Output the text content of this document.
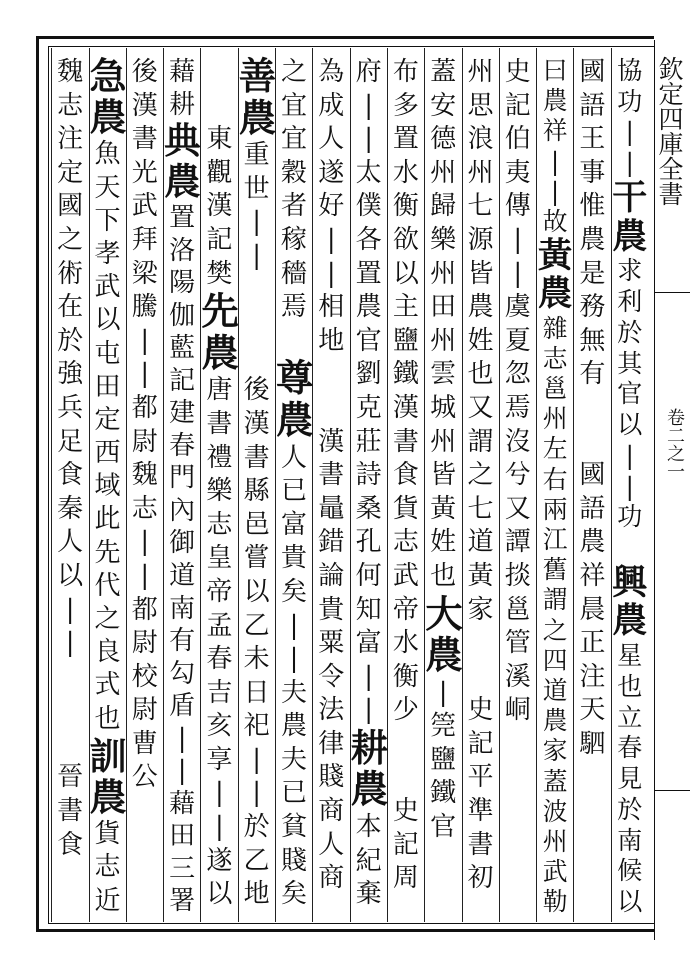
欽定四庫全書
卷二之一
協
功
|
|
干
農
求
利
於
其
官
以
|
|
功
興
農
星
也
立
春
見
於
南
候
以
國
語
王
事
惟
農
是
務
無
有
國
語
農
祥
晨
正
注
天
駟
曰
農
祥
|
|
故
黃
農
雜
志
邕
州
左
右
兩
江
舊
謂
之
四
道
農
家
蓋
波
州
武
勒
史
記
伯
夷
傳
|
|
虞
夏
忽
焉
沒
兮
又
譚
掞
邕
管
溪
峒
州
思
浪
州
七
源
皆
農
姓
也
又
謂
之
七
道
黃
家
史
記
平
準
書
初
蓋
安
德
州
歸
樂
州
田
州
雲
城
州
皆
黃
姓
也
大
農
|
筦
鹽
鐵
官
布
多
置
水
衡
欲
以
主
鹽
鐵
漢
書
食
貨
志
武
帝
水
衡
少
史
記
周
府
|
|
太
僕
各
置
農
官
劉
克
莊
詩
桑
孔
何
知
富
|
|
耕
農
本
紀
棄
為
成
人
遂
好
|
|
相
地
漢
書
鼂
錯
論
貴
粟
令
法
律
賤
商
人
商
之
宜
宜
穀
者
稼
穡
焉
尊
農
人
已
富
貴
矣
|
|
夫
農
夫
已
貧
賤
矣
善
農
重
世
|
|
後
漢
書
縣
邑
嘗
以
乙
未
日
祀
|
|
於
乙
地
東
觀
漢
記
樊
先
農
唐
書
禮
樂
志
皇
帝
孟
春
吉
亥
享
|
|
遂
以
藉
耕
典
農
置
洛
陽
伽
藍
記
建
春
門
內
御
道
南
有
勾
盾
|
|
藉
田
三
署
後
漢
書
光
武
拜
梁
騰
|
|
都
尉
魏
志
|
|
都
尉
校
尉
曹
公
急
農
魚
天
下
孝
武
以
屯
田
定
西
域
此
先
代
之
良
式
也
訓
農
貨
志
近
魏
志
注
定
國
之
術
在
於
強
兵
足
食
秦
人
以
|
|
晉
書
食
